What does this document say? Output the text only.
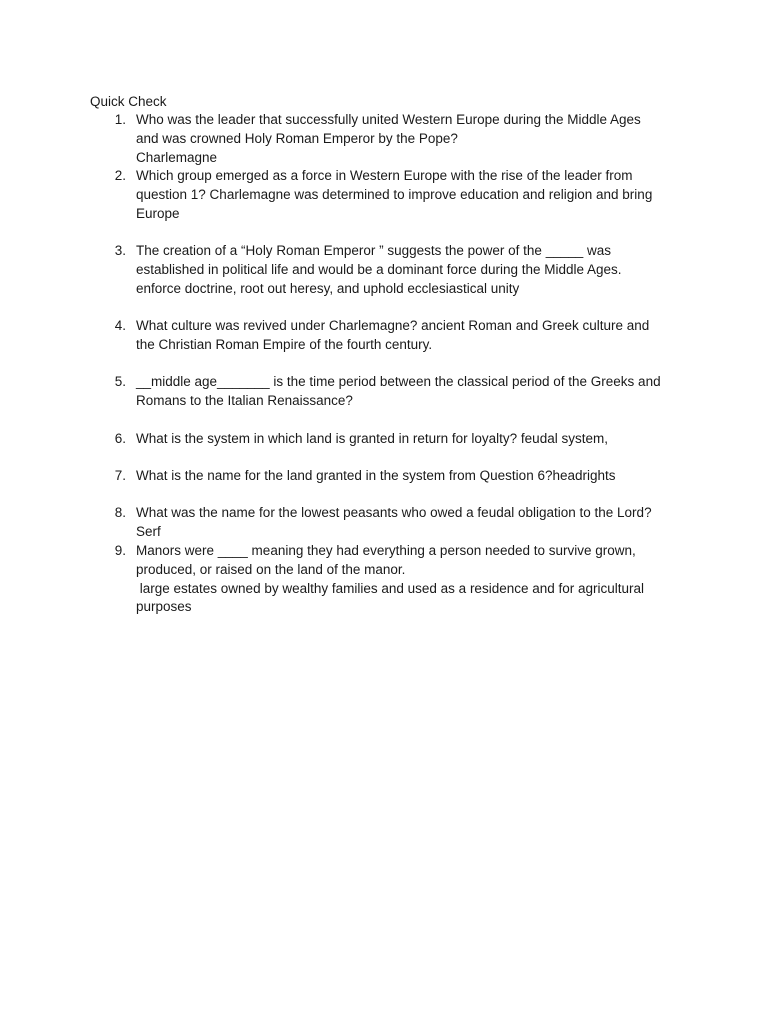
Quick Check
1. Who was the leader that successfully united Western Europe during the Middle Ages
and was crowned Holy Roman Emperor by the Pope?
Charlemagne
2. Which group emerged as a force in Western Europe with the rise of the leader from
question 1? Charlemagne was determined to improve education and religion and bring
Europe
3. The creation of a “Holy Roman Emperor ” suggests the power of the _____ was
established in political life and would be a dominant force during the Middle Ages.
enforce doctrine, root out heresy, and uphold ecclesiastical unity
4. What culture was revived under Charlemagne? ancient Roman and Greek culture and
the Christian Roman Empire of the fourth century.
5. __middle age_______ is the time period between the classical period of the Greeks and
Romans to the Italian Renaissance?
6. What is the system in which land is granted in return for loyalty? feudal system,
7. What is the name for the land granted in the system from Question 6?headrights
8. What was the name for the lowest peasants who owed a feudal obligation to the Lord?
Serf
9. Manors were ____ meaning they had everything a person needed to survive grown,
produced, or raised on the land of the manor.
large estates owned by wealthy families and used as a residence and for agricultural
purposes
